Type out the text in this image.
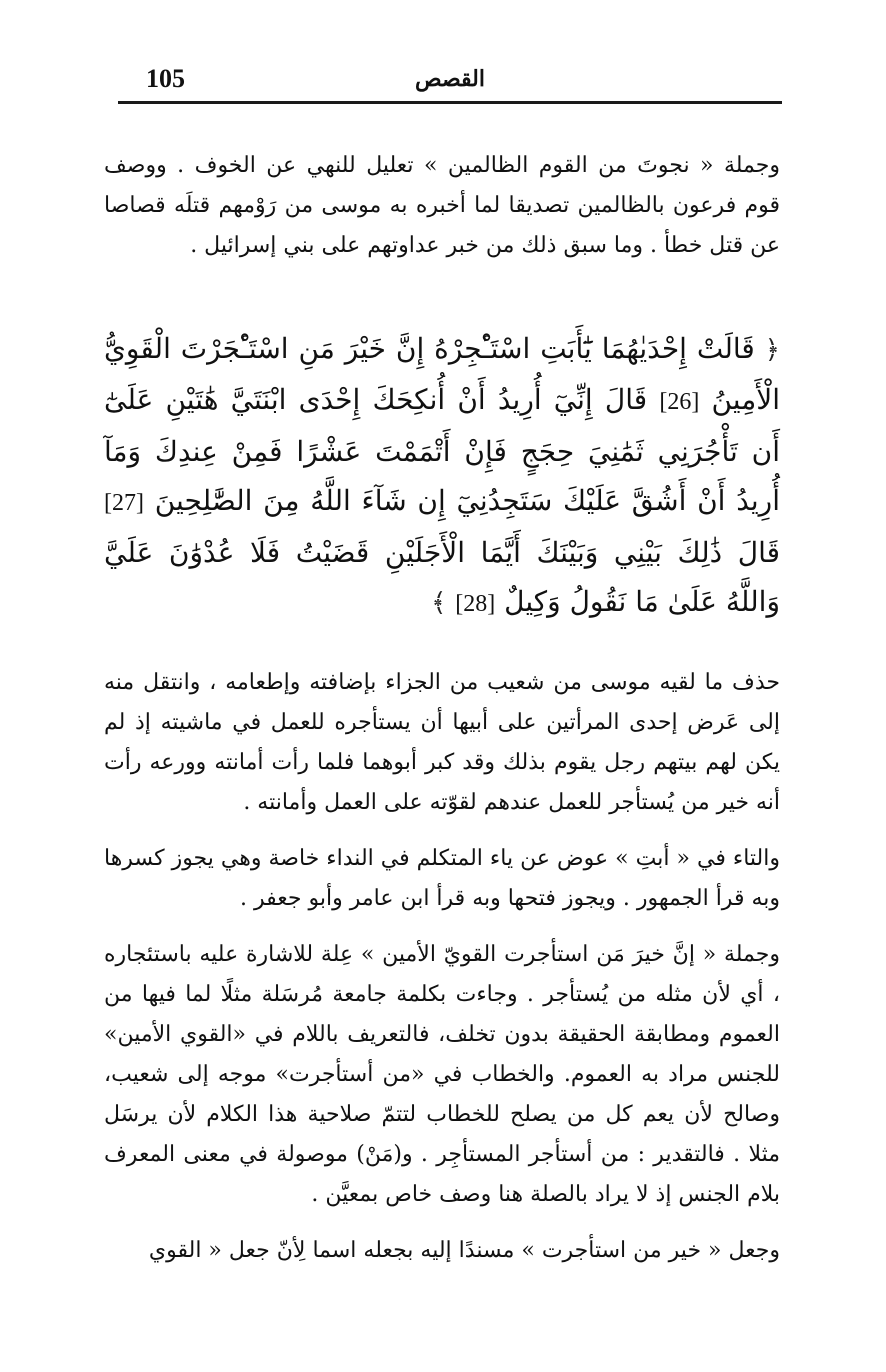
105	القصص

وجملة « نجوتَ من القوم الظالمين » تعليل للنهي عن الخوف . ووصف قوم فرعون بالظالمين تصديقا لما أخبره به موسى من رَوْمهم قتلَه قصاصا عن قتل خطأ . وما سبق ذلك من خبر عداوتهم على بني إسرائيل .

﴿ قَالَتْ إِحْدَيٰهُمَا يَٰٓأَبَتِ اسْتَـْٔجِرْهُ إِنَّ خَيْرَ مَنِ اسْتَـْٔجَرْتَ الْقَوِيُّ الْأَمِينُ [26] قَالَ إِنِّيٓ أُرِيدُ أَنْ أُنكِحَكَ إِحْدَى ابْنَتَيَّ هَٰتَيْنِ عَلَىٰٓ أَن تَأْجُرَنِي ثَمَٰنِيَ حِجَجٍ فَإِنْ أَتْمَمْتَ عَشْرًا فَمِنْ عِندِكَ وَمَآ أُرِيدُ أَنْ أَشُقَّ عَلَيْكَ سَتَجِدُنِيٓ إِن شَآءَ اللَّهُ مِنَ الصَّٰلِحِينَ [27] قَالَ ذَٰلِكَ بَيْنِي وَبَيْنَكَ أَيَّمَا الْأَجَلَيْنِ قَضَيْتُ فَلَا عُدْوَٰنَ عَلَيَّ وَاللَّهُ عَلَىٰ مَا نَقُولُ وَكِيلٌ [28] ﴾

حذف ما لقيه موسى من شعيب من الجزاء بإضافته وإطعامه ، وانتقل منه إلى عَرض إحدى المرأتين على أبيها أن يستأجره للعمل في ماشيته إذ لم يكن لهم بيتهم رجل يقوم بذلك وقد كبر أبوهما فلما رأت أمانته وورعه رأت أنه خير من يُستأجر للعمل عندهم لقوّته على العمل وأمانته .

والتاء في « أبتِ » عوض عن ياء المتكلم في النداء خاصة وهي يجوز كسرها وبه قرأ الجمهور . ويجوز فتحها وبه قرأ ابن عامر وأبو جعفر .

وجملة « إنَّ خيرَ مَن استأجرت القويّ الأمين » عِلة للاشارة عليه باستئجاره ، أي لأن مثله من يُستأجر . وجاءت بكلمة جامعة مُرسَلة مثلًا لما فيها من العموم ومطابقة الحقيقة بدون تخلف، فالتعريف باللام في «القوي الأمين» للجنس مراد به العموم. والخطاب في «من أستأجرت» موجه إلى شعيب، وصالح لأن يعم كل من يصلح للخطاب لتتمّ صلاحية هذا الكلام لأن يرسَل مثلا . فالتقدير : من أستأجر المستأجِر . و(مَنْ) موصولة في معنى المعرف بلام الجنس إذ لا يراد بالصلة هنا وصف خاص بمعيَّن .

وجعل « خير من استأجرت » مسندًا إليه بجعله اسما لِأنّ جعل « القوي
